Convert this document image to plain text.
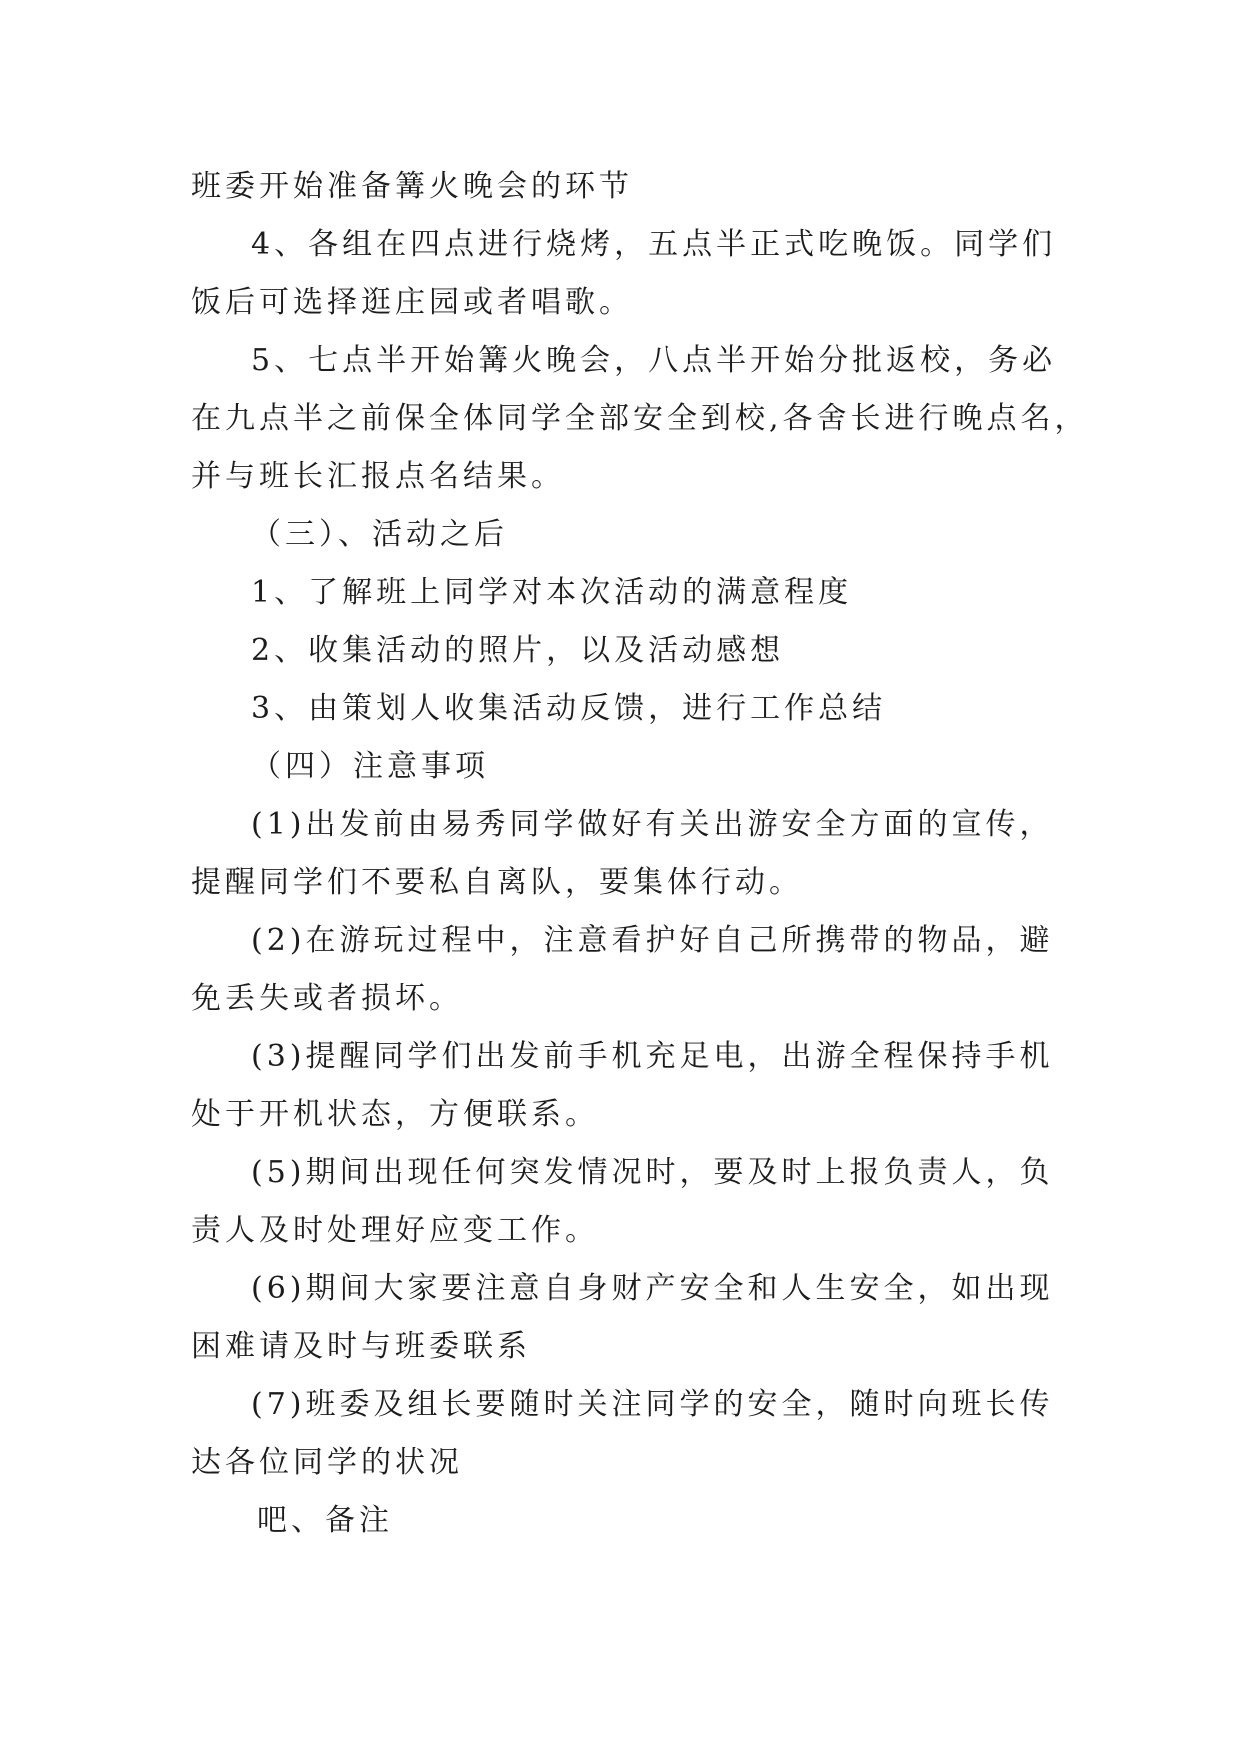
班委开始准备篝火晚会的环节
4、各组在四点进行烧烤，五点半正式吃晚饭。同学们
饭后可选择逛庄园或者唱歌。
5、七点半开始篝火晚会，八点半开始分批返校，务必
在九点半之前保全体同学全部安全到校,各舍长进行晚点名，
并与班长汇报点名结果。
（三）、活动之后
1、了解班上同学对本次活动的满意程度
2、收集活动的照片，以及活动感想
3、由策划人收集活动反馈，进行工作总结
（四）注意事项
(1)出发前由易秀同学做好有关出游安全方面的宣传，
提醒同学们不要私自离队，要集体行动。
(2)在游玩过程中，注意看护好自己所携带的物品，避
免丢失或者损坏。
(3)提醒同学们出发前手机充足电，出游全程保持手机
处于开机状态，方便联系。
(5)期间出现任何突发情况时，要及时上报负责人，负
责人及时处理好应变工作。
(6)期间大家要注意自身财产安全和人生安全，如出现
困难请及时与班委联系
(7)班委及组长要随时关注同学的安全，随时向班长传
达各位同学的状况
吧、备注
